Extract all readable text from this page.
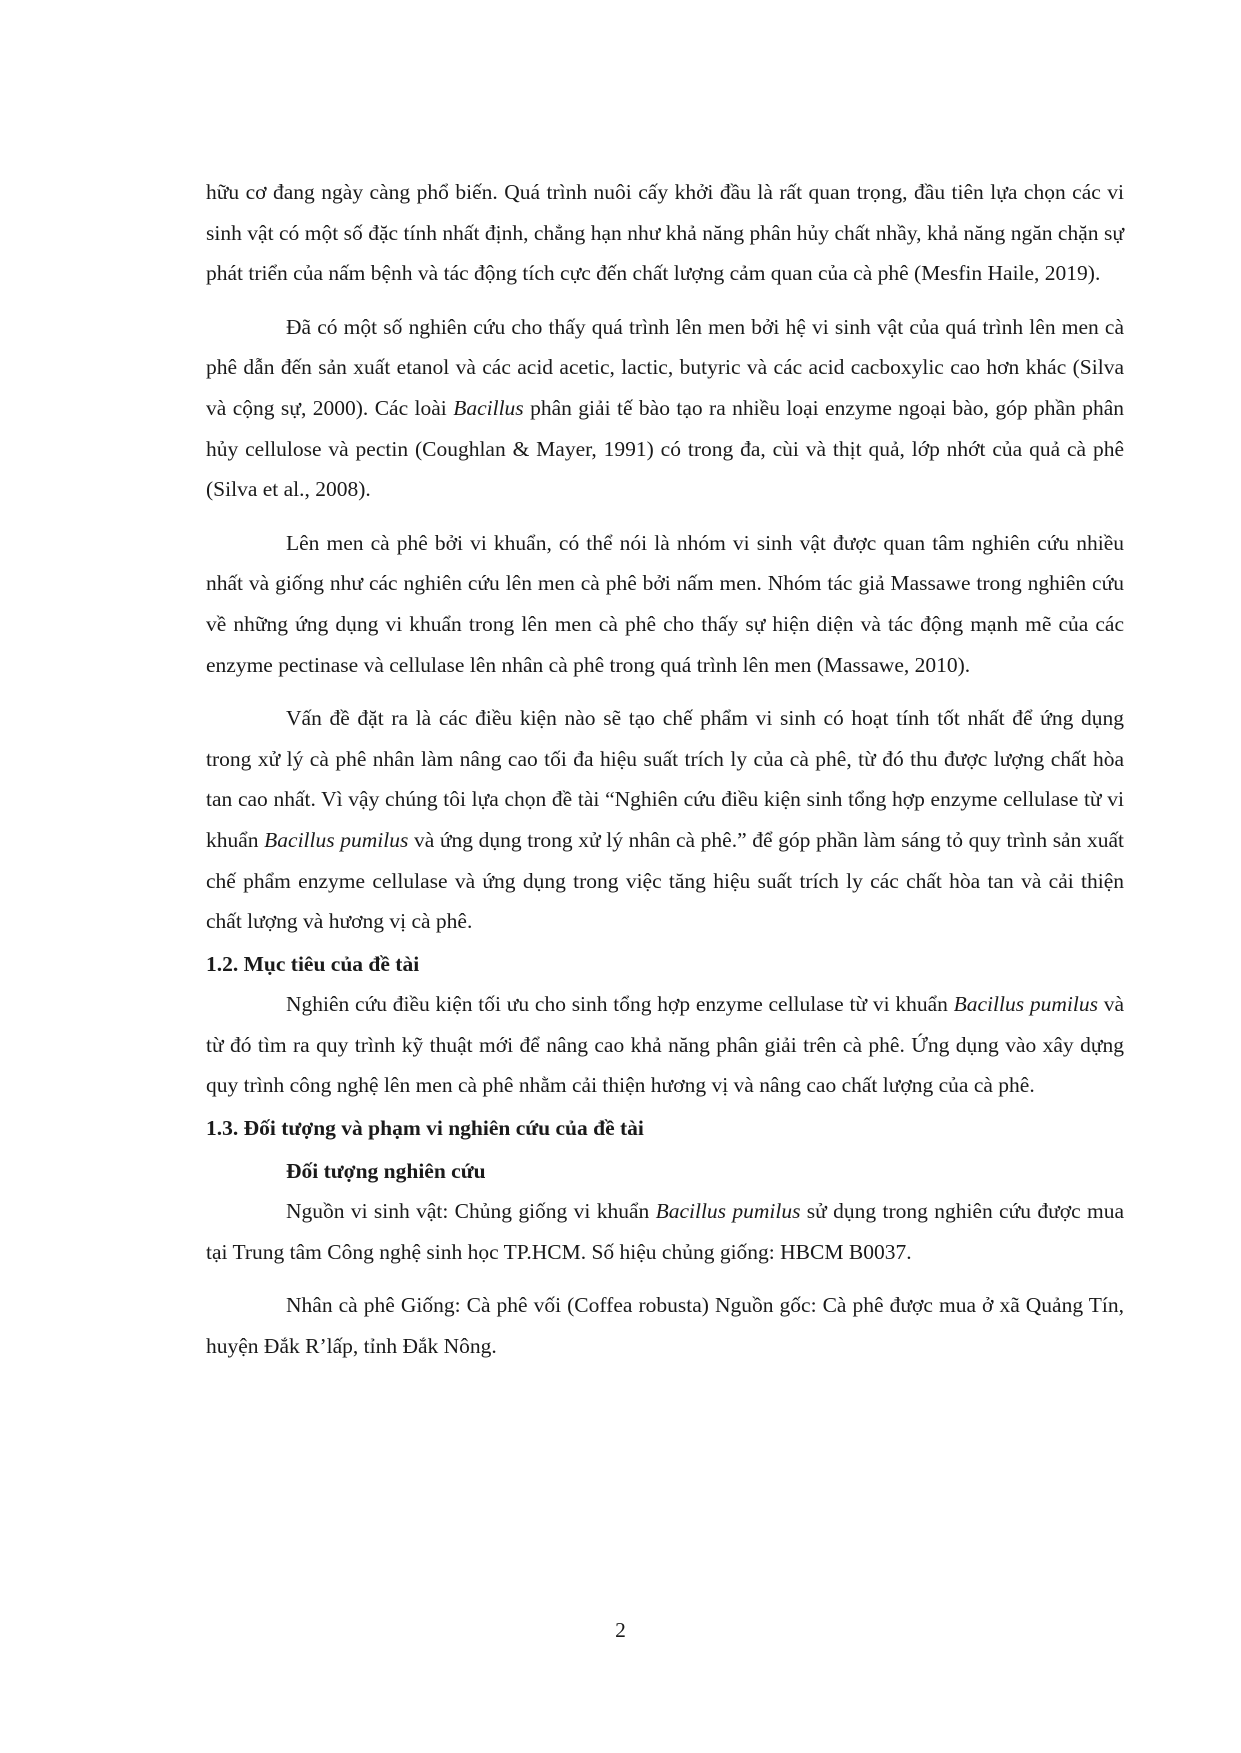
hữu cơ đang ngày càng phổ biến. Quá trình nuôi cấy khởi đầu là rất quan trọng, đầu tiên lựa chọn các vi sinh vật có một số đặc tính nhất định, chẳng hạn như khả năng phân hủy chất nhầy, khả năng ngăn chặn sự phát triển của nấm bệnh và tác động tích cực đến chất lượng cảm quan của cà phê (Mesfin Haile, 2019).

Đã có một số nghiên cứu cho thấy quá trình lên men bởi hệ vi sinh vật của quá trình lên men cà phê dẫn đến sản xuất etanol và các acid acetic, lactic, butyric và các acid cacboxylic cao hơn khác (Silva và cộng sự, 2000). Các loài Bacillus phân giải tế bào tạo ra nhiều loại enzyme ngoại bào, góp phần phân hủy cellulose và pectin (Coughlan & Mayer, 1991) có trong đa, cùi và thịt quả, lớp nhớt của quả cà phê (Silva et al., 2008).

Lên men cà phê bởi vi khuẩn, có thể nói là nhóm vi sinh vật được quan tâm nghiên cứu nhiều nhất và giống như các nghiên cứu lên men cà phê bởi nấm men. Nhóm tác giả Massawe trong nghiên cứu về những ứng dụng vi khuẩn trong lên men cà phê cho thấy sự hiện diện và tác động mạnh mẽ của các enzyme pectinase và cellulase lên nhân cà phê trong quá trình lên men (Massawe, 2010).

Vấn đề đặt ra là các điều kiện nào sẽ tạo chế phẩm vi sinh có hoạt tính tốt nhất để ứng dụng trong xử lý cà phê nhân làm nâng cao tối đa hiệu suất trích ly của cà phê, từ đó thu được lượng chất hòa tan cao nhất. Vì vậy chúng tôi lựa chọn đề tài “Nghiên cứu điều kiện sinh tổng hợp enzyme cellulase từ vi khuẩn Bacillus pumilus và ứng dụng trong xử lý nhân cà phê.” để góp phần làm sáng tỏ quy trình sản xuất chế phẩm enzyme cellulase và ứng dụng trong việc tăng hiệu suất trích ly các chất hòa tan và cải thiện chất lượng và hương vị cà phê.

1.2. Mục tiêu của đề tài

Nghiên cứu điều kiện tối ưu cho sinh tổng hợp enzyme cellulase từ vi khuẩn Bacillus pumilus và từ đó tìm ra quy trình kỹ thuật mới để nâng cao khả năng phân giải trên cà phê. Ứng dụng vào xây dựng quy trình công nghệ lên men cà phê nhằm cải thiện hương vị và nâng cao chất lượng của cà phê.

1.3. Đối tượng và phạm vi nghiên cứu của đề tài
Đối tượng nghiên cứu

Nguồn vi sinh vật: Chủng giống vi khuẩn Bacillus pumilus sử dụng trong nghiên cứu được mua tại Trung tâm Công nghệ sinh học TP.HCM. Số hiệu chủng giống: HBCM B0037.

Nhân cà phê Giống: Cà phê vối (Coffea robusta) Nguồn gốc: Cà phê được mua ở xã Quảng Tín, huyện Đắk R’lấp, tỉnh Đắk Nông.

2
